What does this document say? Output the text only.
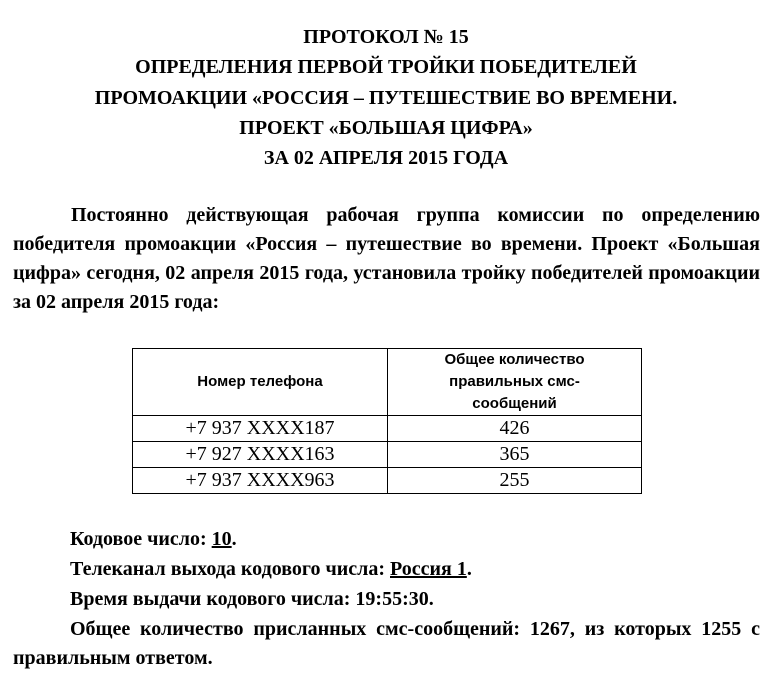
ПРОТОКОЛ № 15
ОПРЕДЕЛЕНИЯ ПЕРВОЙ ТРОЙКИ ПОБЕДИТЕЛЕЙ
ПРОМОАКЦИИ «РОССИЯ – ПУТЕШЕСТВИЕ ВО ВРЕМЕНИ.
ПРОЕКТ «БОЛЬШАЯ ЦИФРА»
ЗА 02 АПРЕЛЯ 2015 ГОДА
Постоянно действующая рабочая группа комиссии по определению победителя промоакции «Россия – путешествие во времени. Проект «Большая цифра» сегодня, 02 апреля 2015 года, установила тройку победителей промоакции за 02 апреля 2015 года:
Номер телефона	Общее количество правильных смс-сообщений

+7 937 XXXX187	426
+7 927 XXXX163	365
+7 937 XXXX963	255
Кодовое число: 10.
Телеканал выхода кодового числа: Россия 1.
Время выдачи кодового числа: 19:55:30.
Общее количество присланных смс-сообщений: 1267, из которых 1255 с правильным ответом.
